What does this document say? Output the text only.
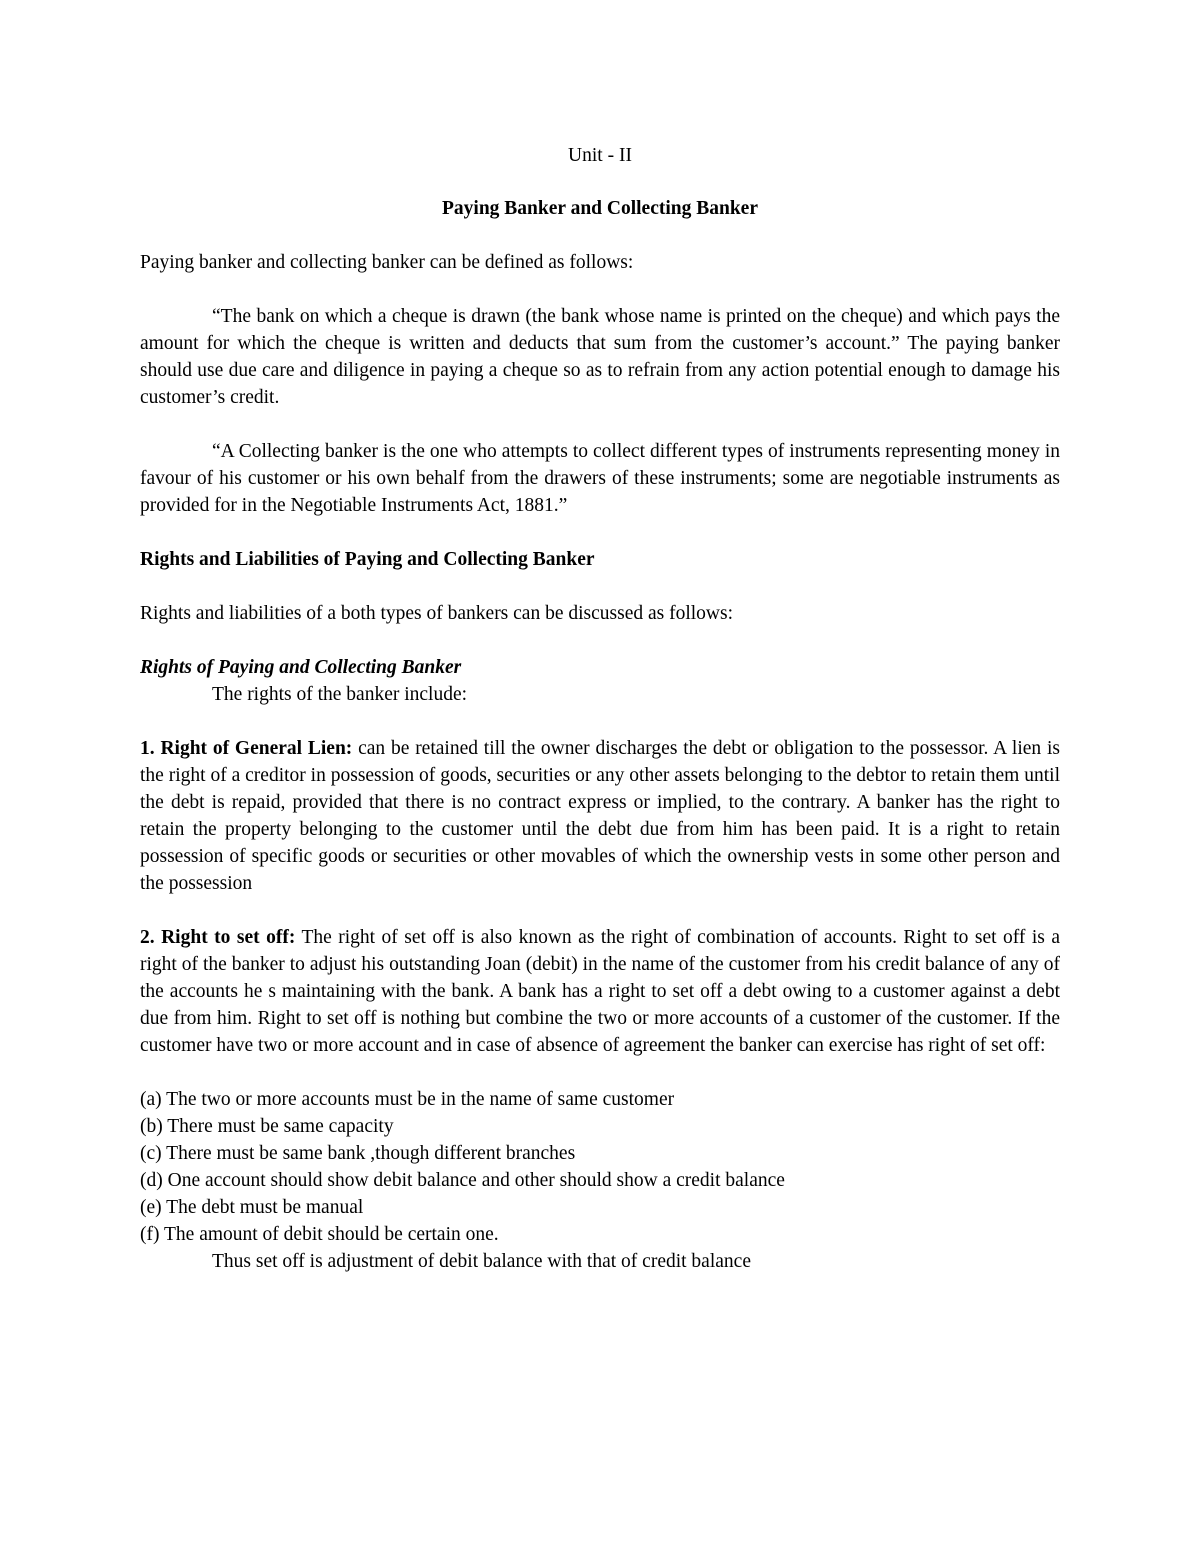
Unit - II

Paying Banker and Collecting Banker

Paying banker and collecting banker can be defined as follows:

“The bank on which a cheque is drawn (the bank whose name is printed on the cheque) and which pays the amount for which the cheque is written and deducts that sum from the customer’s account.” The paying banker should use due care and diligence in paying a cheque so as to refrain from any action potential enough to damage his customer’s credit.

“A Collecting banker is the one who attempts to collect different types of instruments representing money in favour of his customer or his own behalf from the drawers of these instruments; some are negotiable instruments as provided for in the Negotiable Instruments Act, 1881.”

Rights and Liabilities of Paying and Collecting Banker

Rights and liabilities of a both types of bankers can be discussed as follows:

Rights of Paying and Collecting Banker

The rights of the banker include:

1. Right of General Lien: can be retained till the owner discharges the debt or obligation to the possessor. A lien is the right of a creditor in possession of goods, securities or any other assets belonging to the debtor to retain them until the debt is repaid, provided that there is no contract express or implied, to the contrary. A banker has the right to retain the property belonging to the customer until the debt due from him has been paid. It is a right to retain possession of specific goods or securities or other movables of which the ownership vests in some other person and the possession

2. Right to set off: The right of set off is also known as the right of combination of accounts. Right to set off is a right of the banker to adjust his outstanding Joan (debit) in the name of the customer from his credit balance of any of the accounts he s maintaining with the bank. A bank has a right to set off a debt owing to a customer against a debt due from him. Right to set off is nothing but combine the two or more accounts of a customer of the customer. If the customer have two or more account and in case of absence of agreement the banker can exercise has right of set off:

(a) The two or more accounts must be in the name of same customer
(b) There must be same capacity
(c) There must be same bank ,though different branches
(d) One account should show debit balance and other should show a credit balance
(e) The debt must be manual
(f) The amount of debit should be certain one.

Thus set off is adjustment of debit balance with that of credit balance
